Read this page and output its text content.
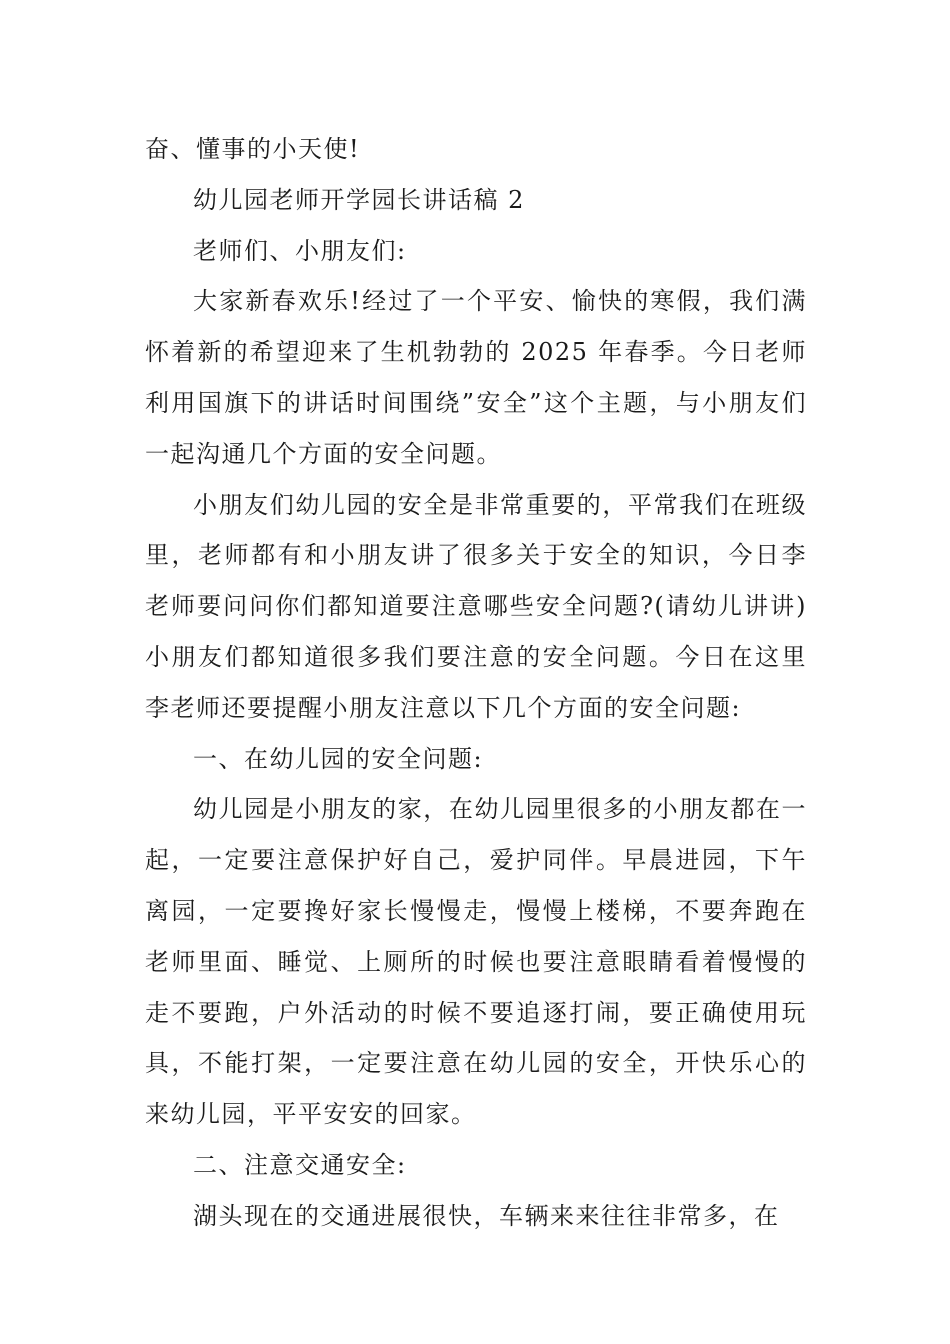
奋、懂事的小天使!

幼儿园老师开学园长讲话稿 2

老师们、小朋友们:

大家新春欢乐!经过了一个平安、愉快的寒假，我们满怀着新的希望迎来了生机勃勃的 2025 年春季。今日老师利用国旗下的讲话时间围绕”安全”这个主题，与小朋友们一起沟通几个方面的安全问题。

小朋友们幼儿园的安全是非常重要的，平常我们在班级里，老师都有和小朋友讲了很多关于安全的知识，今日李老师要问问你们都知道要注意哪些安全问题?(请幼儿讲讲)小朋友们都知道很多我们要注意的安全问题。今日在这里李老师还要提醒小朋友注意以下几个方面的安全问题:

一、在幼儿园的安全问题:

幼儿园是小朋友的家，在幼儿园里很多的小朋友都在一起，一定要注意保护好自己，爱护同伴。早晨进园，下午离园，一定要搀好家长慢慢走，慢慢上楼梯，不要奔跑在老师里面、睡觉、上厕所的时候也要注意眼睛看着慢慢的走不要跑，户外活动的时候不要追逐打闹，要正确使用玩具，不能打架，一定要注意在幼儿园的安全，开快乐心的来幼儿园，平平安安的回家。

二、注意交通安全:

湖头现在的交通进展很快，车辆来来往往非常多，在
